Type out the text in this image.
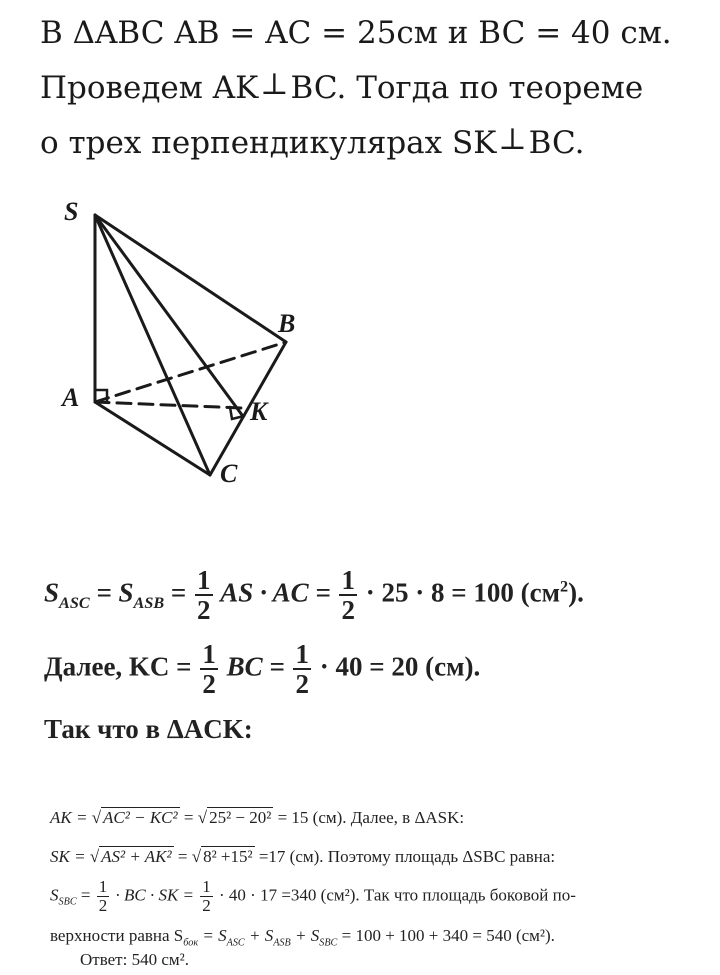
В ΔABC AB = AC = 25см и BC = 40 см.
Проведем AK⊥BC. Тогда по теореме
о трех перпендикулярах SK⊥BC.
S
B
A	K
C
$S_{ASC} = S_{ASB} = \frac{1}{2}$ AS · AC = $\frac{1}{2} \cdot 25 \cdot 8 = 100$ $(см^2)$.
Далее, KC = $\frac{1}{2}$ BC = $\frac{1}{2} \cdot 40 = 20$ (см).
Так что в ΔACK:
AK = √ AC² − KC² = √ 25² − 20² = 15 (см). Далее, в ΔASK:
SK = √ AS² + AK² = √ 8² +15² =17 (см). Поэтому площадь ΔSBC равна:
$S_{SBC} = \frac{1}{2}$ · BC · SK = $\frac{1}{2} \cdot 40 \cdot 17 =340$ (см²). Так что площадь боковой по-
верхности равна $S_{бок} = S_{ASC} + S_{ASB} + S_{SBC} = 100 + 100 + 340 = 540$ (см²).
Ответ: 540 см².
